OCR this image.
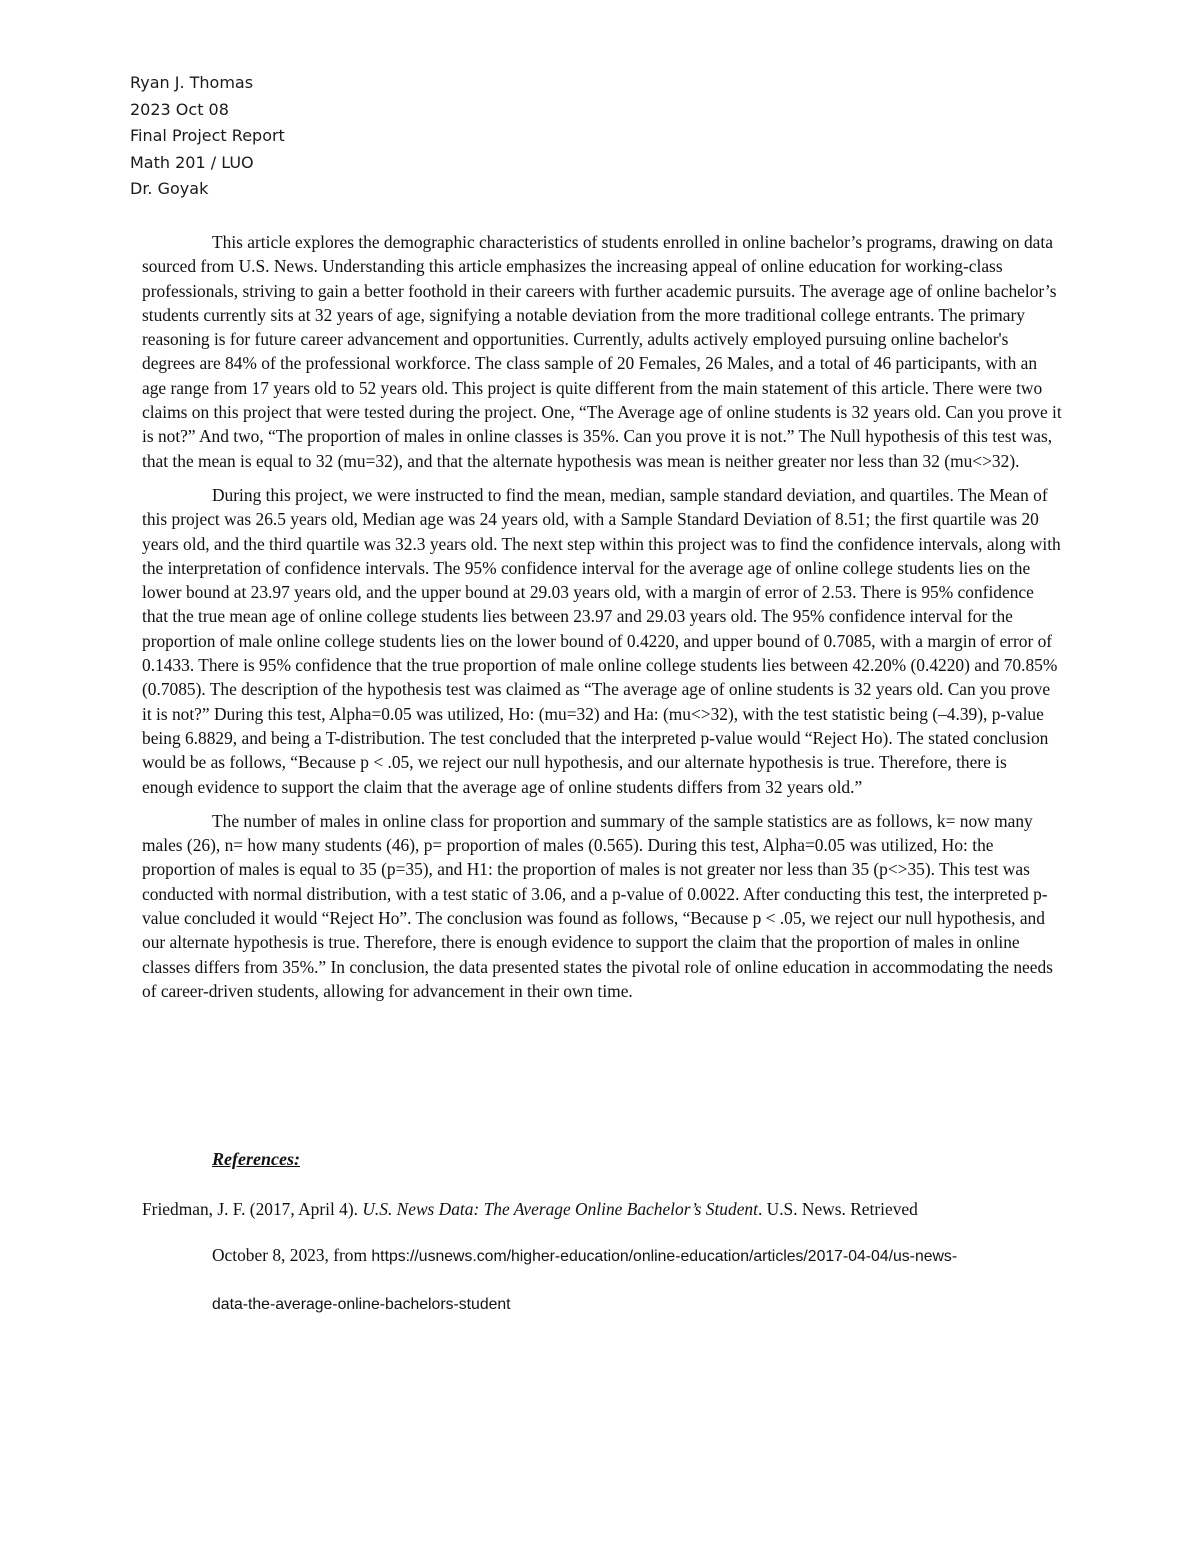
Ryan J. Thomas
2023 Oct 08
Final Project Report
Math 201 / LUO
Dr. Goyak

This article explores the demographic characteristics of students enrolled in online bachelor’s programs, drawing on data sourced from U.S. News. Understanding this article emphasizes the increasing appeal of online education for working-class professionals, striving to gain a better foothold in their careers with further academic pursuits. The average age of online bachelor’s students currently sits at 32 years of age, signifying a notable deviation from the more traditional college entrants. The primary reasoning is for future career advancement and opportunities. Currently, adults actively employed pursuing online bachelor's degrees are 84% of the professional workforce. The class sample of 20 Females, 26 Males, and a total of 46 participants, with an age range from 17 years old to 52 years old. This project is quite different from the main statement of this article. There were two claims on this project that were tested during the project. One, “The Average age of online students is 32 years old. Can you prove it is not?” And two, “The proportion of males in online classes is 35%. Can you prove it is not.” The Null hypothesis of this test was, that the mean is equal to 32 (mu=32), and that the alternate hypothesis was mean is neither greater nor less than 32 (mu<>32).

During this project, we were instructed to find the mean, median, sample standard deviation, and quartiles. The Mean of this project was 26.5 years old, Median age was 24 years old, with a Sample Standard Deviation of 8.51; the first quartile was 20 years old, and the third quartile was 32.3 years old. The next step within this project was to find the confidence intervals, along with the interpretation of confidence intervals. The 95% confidence interval for the average age of online college students lies on the lower bound at 23.97 years old, and the upper bound at 29.03 years old, with a margin of error of 2.53. There is 95% confidence that the true mean age of online college students lies between 23.97 and 29.03 years old. The 95% confidence interval for the proportion of male online college students lies on the lower bound of 0.4220, and upper bound of 0.7085, with a margin of error of 0.1433. There is 95% confidence that the true proportion of male online college students lies between 42.20% (0.4220) and 70.85% (0.7085). The description of the hypothesis test was claimed as “The average age of online students is 32 years old. Can you prove it is not?” During this test, Alpha=0.05 was utilized, Ho: (mu=32) and Ha: (mu<>32), with the test statistic being (–4.39), p-value being 6.8829, and being a T-distribution. The test concluded that the interpreted p-value would “Reject Ho). The stated conclusion would be as follows, “Because p < .05, we reject our null hypothesis, and our alternate hypothesis is true. Therefore, there is enough evidence to support the claim that the average age of online students differs from 32 years old.”

The number of males in online class for proportion and summary of the sample statistics are as follows, k= now many males (26), n= how many students (46), p= proportion of males (0.565). During this test, Alpha=0.05 was utilized, Ho: the proportion of males is equal to 35 (p=35), and H1: the proportion of males is not greater nor less than 35 (p<>35). This test was conducted with normal distribution, with a test static of 3.06, and a p-value of 0.0022. After conducting this test, the interpreted p-value concluded it would “Reject Ho”. The conclusion was found as follows, “Because p < .05, we reject our null hypothesis, and our alternate hypothesis is true. Therefore, there is enough evidence to support the claim that the proportion of males in online classes differs from 35%.” In conclusion, the data presented states the pivotal role of online education in accommodating the needs of career-driven students, allowing for advancement in their own time.

References:
Friedman, J. F. (2017, April 4). U.S. News Data: The Average Online Bachelor’s Student. U.S. News. Retrieved
October 8, 2023, from https://usnews.com/higher-education/online-education/articles/2017-04-04/us-news-
data-the-average-online-bachelors-student
